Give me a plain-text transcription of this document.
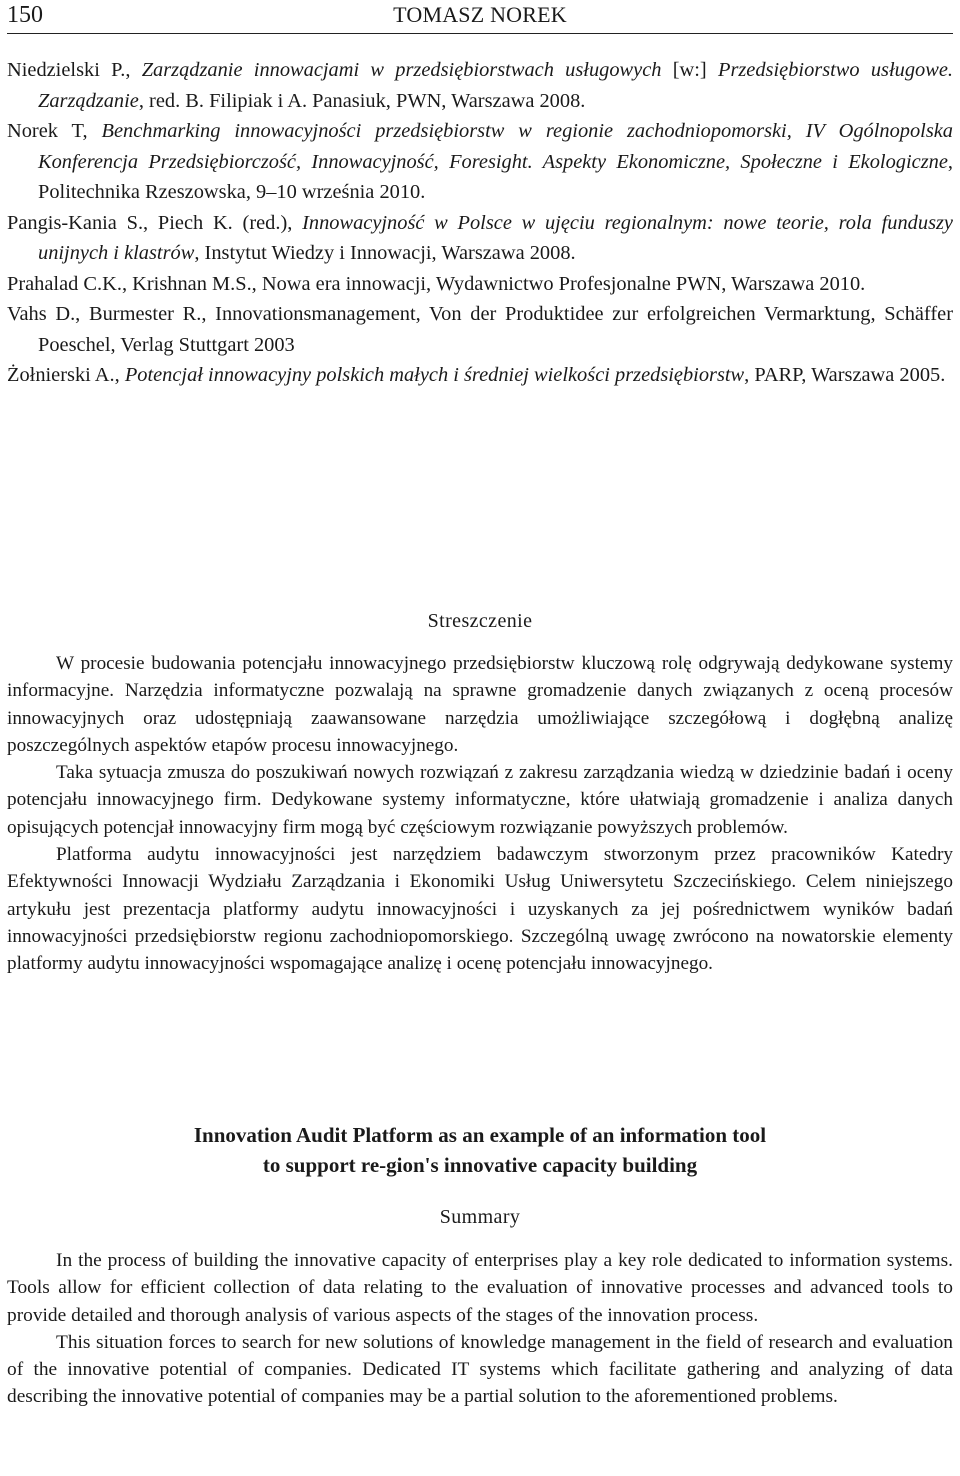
150	TOMASZ NOREK
Niedzielski P., Zarządzanie innowacjami w przedsiębiorstwach usługowych [w:] Przedsiębiorstwo usługowe. Zarządzanie, red. B. Filipiak i A. Panasiuk, PWN, Warszawa 2008.
Norek T, Benchmarking innowacyjności przedsiębiorstw w regionie zachodniopomorski, IV Ogólnopolska Konferencja Przedsiębiorczość, Innowacyjność, Foresight. Aspekty Ekonomiczne, Społeczne i Ekologiczne, Politechnika Rzeszowska, 9–10 września 2010.
Pangis-Kania S., Piech K. (red.), Innowacyjność w Polsce w ujęciu regionalnym: nowe teorie, rola funduszy unijnych i klastrów, Instytut Wiedzy i Innowacji, Warszawa 2008.
Prahalad C.K., Krishnan M.S., Nowa era innowacji, Wydawnictwo Profesjonalne PWN, Warszawa 2010.
Vahs D., Burmester R., Innovationsmanagement, Von der Produktidee zur erfolgreichen Vermarktung, Schäffer Poeschel, Verlag Stuttgart 2003
Żołnierski A., Potencjał innowacyjny polskich małych i średniej wielkości przedsiębiorstw, PARP, Warszawa 2005.
Streszczenie

W procesie budowania potencjału innowacyjnego przedsiębiorstw kluczową rolę odgrywają dedykowane systemy informacyjne. Narzędzia informatyczne pozwalają na sprawne gromadzenie danych związanych z oceną procesów innowacyjnych oraz udostępniają zaawansowane narzędzia umożliwiające szczegółową i dogłębną analizę poszczególnych aspektów etapów procesu innowacyjnego.

Taka sytuacja zmusza do poszukiwań nowych rozwiązań z zakresu zarządzania wiedzą w dziedzinie badań i oceny potencjału innowacyjnego firm. Dedykowane systemy informatyczne, które ułatwiają gromadzenie i analiza danych opisujących potencjał innowacyjny firm mogą być częściowym rozwiązanie powyższych problemów.

Platforma audytu innowacyjności jest narzędziem badawczym stworzonym przez pracowników Katedry Efektywności Innowacji Wydziału Zarządzania i Ekonomiki Usług Uniwersytetu Szczecińskiego. Celem niniejszego artykułu jest prezentacja platformy audytu innowacyjności i uzyskanych za jej pośrednictwem wyników badań innowacyjności przedsiębiorstw regionu zachodniopomorskiego. Szczególną uwagę zwrócono na nowatorskie elementy platformy audytu innowacyjności wspomagające analizę i ocenę potencjału innowacyjnego.

Innovation Audit Platform as an example of an information tool
to support re-gion's innovative capacity building
Summary

In the process of building the innovative capacity of enterprises play a key role dedicated to information systems. Tools allow for efficient collection of data relating to the evaluation of innovative processes and advanced tools to provide detailed and thorough analysis of various aspects of the stages of the innovation process.

This situation forces to search for new solutions of knowledge management in the field of research and evaluation of the innovative potential of companies. Dedicated IT systems which facilitate gathering and analyzing of data describing the innovative potential of companies may be a partial solution to the aforementioned problems.
